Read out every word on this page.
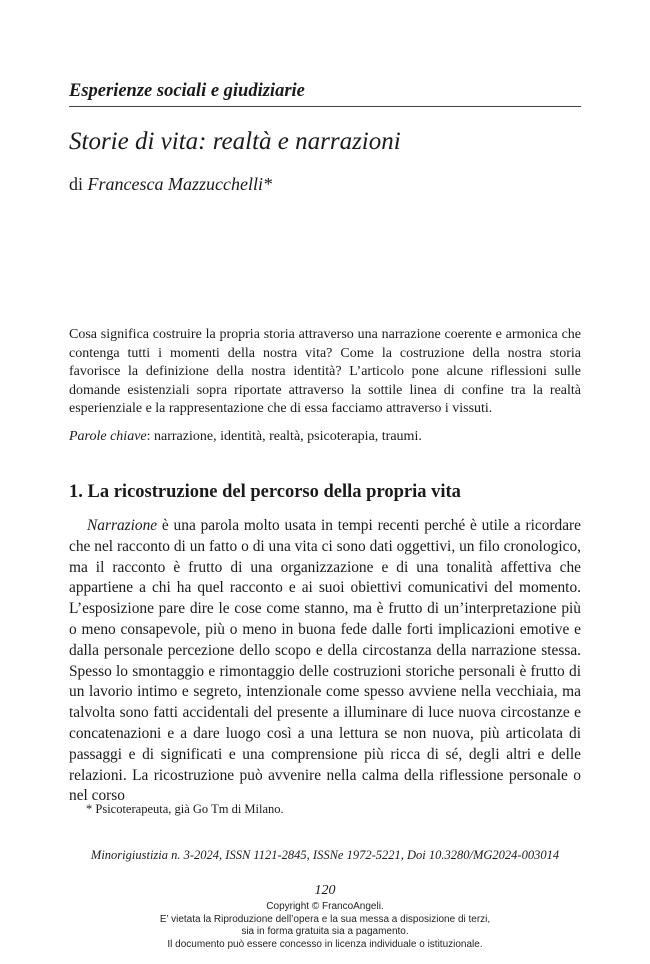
Esperienze sociali e giudiziarie
Storie di vita: realtà e narrazioni
di Francesca Mazzucchelli*

Cosa significa costruire la propria storia attraverso una narrazione coerente e armonica che contenga tutti i momenti della nostra vita? Come la costruzione della nostra storia favorisce la definizione della nostra identità? L’articolo pone alcune riflessioni sulle domande esistenziali sopra riportate attraverso la sottile linea di confine tra la realtà esperienziale e la rappresentazione che di essa facciamo attraverso i vissuti.

Parole chiave: narrazione, identità, realtà, psicoterapia, traumi.

1. La ricostruzione del percorso della propria vita

Narrazione è una parola molto usata in tempi recenti perché è utile a ricordare che nel racconto di un fatto o di una vita ci sono dati oggettivi, un filo cronologico, ma il racconto è frutto di una organizzazione e di una tonalità affettiva che appartiene a chi ha quel racconto e ai suoi obiettivi comunicativi del momento. L’esposizione pare dire le cose come stanno, ma è frutto di un’interpretazione più o meno consapevole, più o meno in buona fede dalle forti implicazioni emotive e dalla personale percezione dello scopo e della circostanza della narrazione stessa. Spesso lo smontaggio e rimontaggio delle costruzioni storiche personali è frutto di un lavorio intimo e segreto, intenzionale come spesso avviene nella vecchiaia, ma talvolta sono fatti accidentali del presente a illuminare di luce nuova circostanze e concatenazioni e a dare luogo così a una lettura se non nuova, più articolata di passaggi e di significati e una comprensione più ricca di sé, degli altri e delle relazioni. La ricostruzione può avvenire nella calma della riflessione personale o nel corso

* Psicoterapeuta, già Go Tm di Milano.
Minorigiustizia n. 3-2024, ISSN 1121-2845, ISSNe 1972-5221, Doi 10.3280/MG2024-003014
120
Copyright © FrancoAngeli.
E’ vietata la Riproduzione dell’opera e la sua messa a disposizione di terzi,
sia in forma gratuita sia a pagamento.
Il documento può essere concesso in licenza individuale o istituzionale.
